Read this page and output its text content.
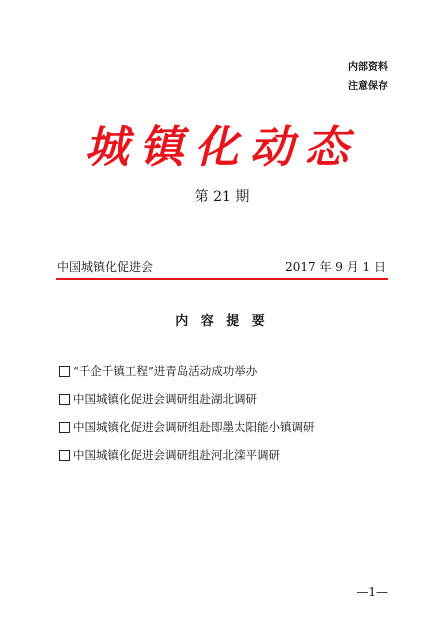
内部资料
注意保存
城镇化动态
第 21 期
中国城镇化促进会	2017 年 9 月 1 日
内 容 提 要
“千企千镇工程”进青岛活动成功举办
中国城镇化促进会调研组赴湖北调研
中国城镇化促进会调研组赴即墨太阳能小镇调研
中国城镇化促进会调研组赴河北滦平调研
—1—
